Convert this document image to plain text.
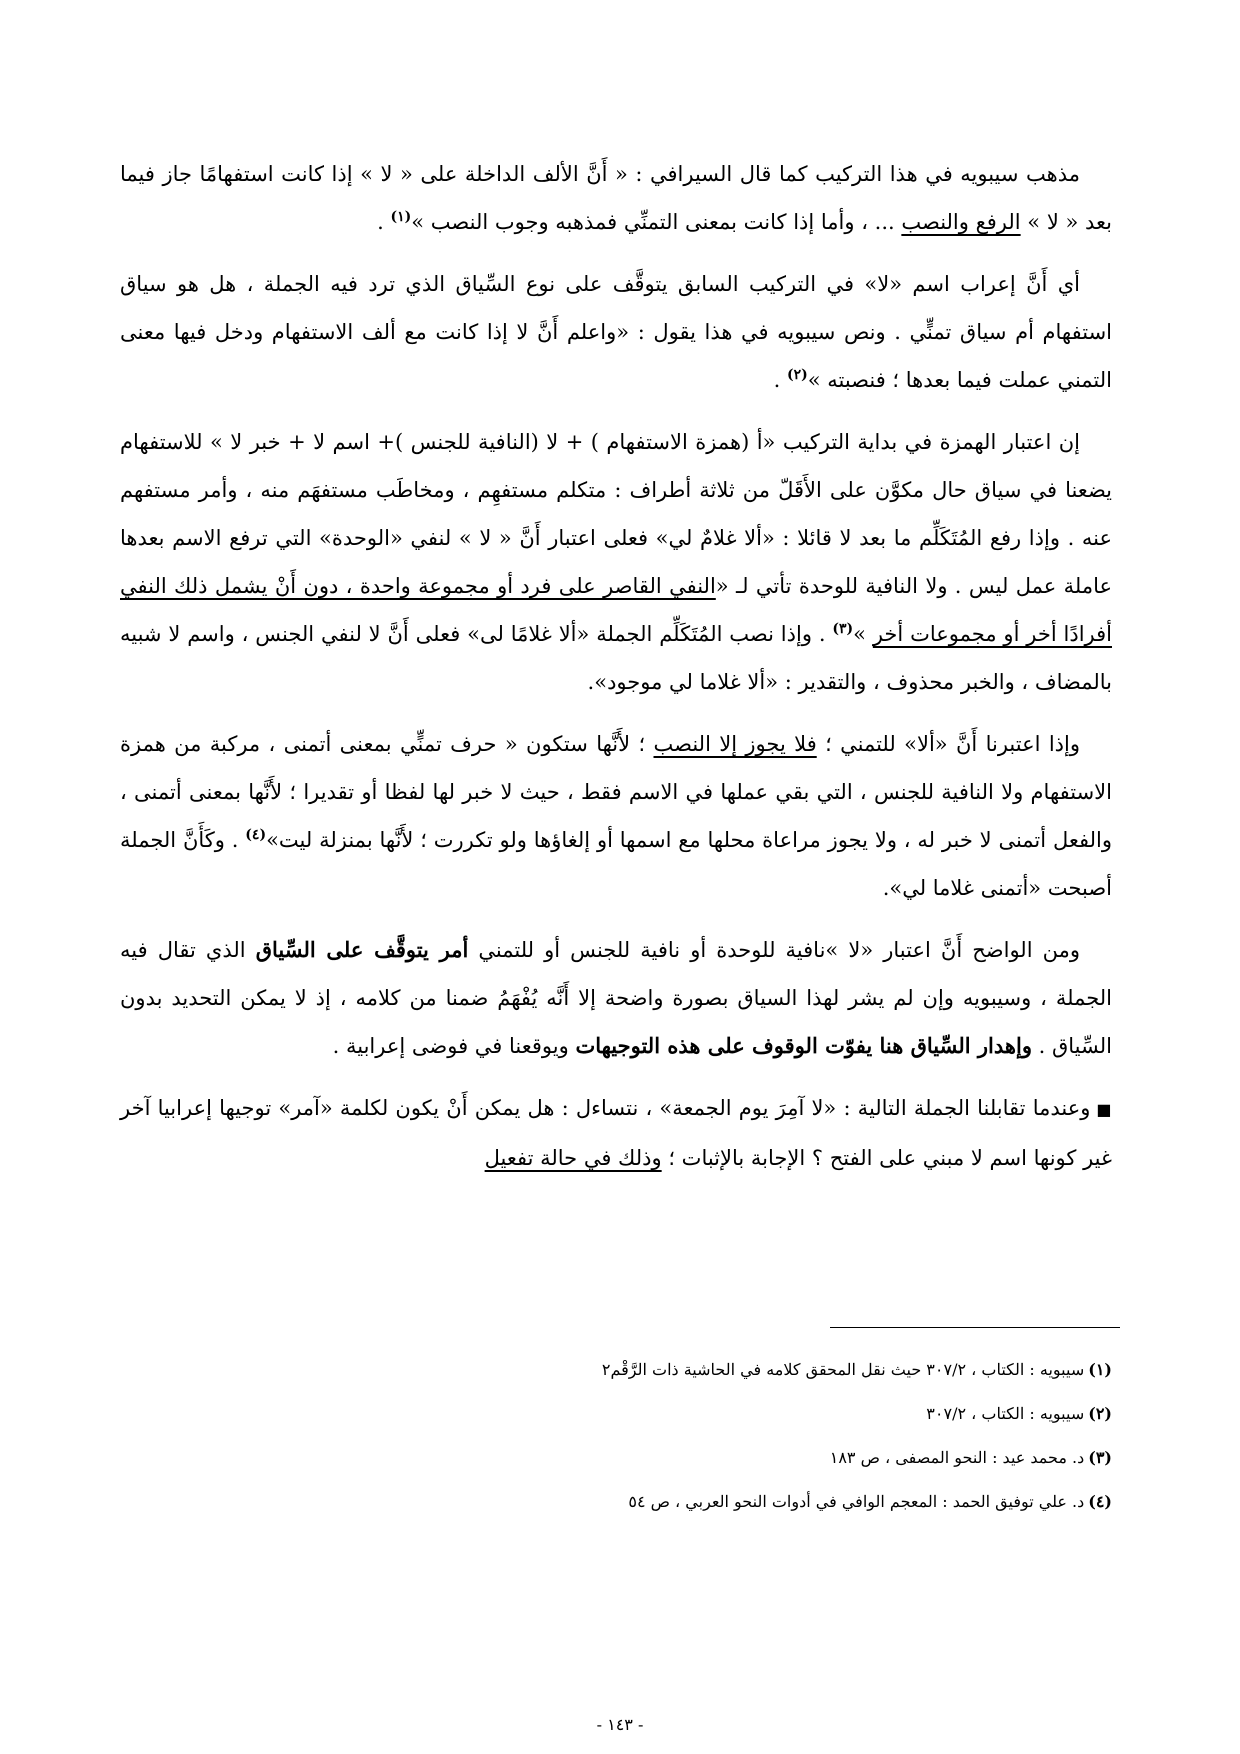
مذهب سيبويه في هذا التركيب كما قال السيرافي : « أَنَّ الألف الداخلة على « لا » إذا كانت استفهامًا جاز فيما بعد « لا » الرفع والنصب ... ، وأما إذا كانت بمعنى التمنِّي فمذهبه وجوب النصب »$^{(١)}$ .

أي أَنَّ إعراب اسم «لا» في التركيب السابق يتوقَّف على نوع السِّياق الذي ترد فيه الجملة ، هل هو سياق استفهام أم سياق تمنٍّي . ونص سيبويه في هذا يقول : «واعلم أَنَّ لا إذا كانت مع ألف الاستفهام ودخل فيها معنى التمني عملت فيما بعدها ؛ فنصبته »$^{(٢)}$ .

إن اعتبار الهمزة في بداية التركيب «أ (همزة الاستفهام ) + لا (النافية للجنس )+ اسم لا + خبر لا » للاستفهام يضعنا في سياق حال مكوَّن على الأَقَلّ من ثلاثة أطراف : متكلم مستفهِم ، ومخاطَب مستفهَم منه ، وأمر مستفهم عنه . وإذا رفع المُتَكَلِّم ما بعد لا قائلا : «ألا غلامٌ لي» فعلى اعتبار أَنَّ « لا » لنفي «الوحدة» التي ترفع الاسم بعدها عاملة عمل ليس . ولا النافية للوحدة تأتي لـ «النفي القاصر على فرد أو مجموعة واحدة ، دون أَنْ يشمل ذلك النفي أفرادًا أخر أو مجموعات أخر »$^{(٣)}$ . وإذا نصب المُتَكَلِّم الجملة «ألا غلامًا لى» فعلى أَنَّ لا لنفي الجنس ، واسم لا شبيه بالمضاف ، والخبر محذوف ، والتقدير : «ألا غلاما لي موجود».

وإذا اعتبرنا أَنَّ «ألا» للتمني ؛ فلا يجوز إلا النصب ؛ لأَنَّها ستكون « حرف تمنٍّي بمعنى أتمنى ، مركبة من همزة الاستفهام ولا النافية للجنس ، التي بقي عملها في الاسم فقط ، حيث لا خبر لها لفظا أو تقديرا ؛ لأَنَّها بمعنى أتمنى ، والفعل أتمنى لا خبر له ، ولا يجوز مراعاة محلها مع اسمها أو إلغاؤها ولو تكررت ؛ لأَنَّها بمنزلة ليت»$^{(٤)}$ . وكَأَنَّ الجملة أصبحت «أتمنى غلاما لي».

ومن الواضح أَنَّ اعتبار «لا »نافية للوحدة أو نافية للجنس أو للتمني أمر يتوقَّف على السِّياق الذي تقال فيه الجملة ، وسيبويه وإن لم يشر لهذا السياق بصورة واضحة إلا أَنَّه يُفْهَمُ ضمنا من كلامه ، إذ لا يمكن التحديد بدون السِّياق . وإهدار السِّياق هنا يفوّت الوقوف على هذه التوجيهات ويوقعنا في فوضى إعرابية .

■وعندما تقابلنا الجملة التالية : «لا آمِرَ يوم الجمعة» ، نتساءل : هل يمكن أَنْ يكون لكلمة «آمر» توجيها إعرابيا آخر غير كونها اسم لا مبني على الفتح ؟ الإجابة بالإثبات ؛ وذلك في حالة تفعيل

(١)سيبويه : الكتاب ، ٣٠٧/٢ حيث نقل المحقق كلامه في الحاشية ذات الرَّقْم٢
(٢)سيبويه : الكتاب ، ٣٠٧/٢
(٣)د. محمد عيد : النحو المصفى ، ص ١٨٣
(٤)د. علي توفيق الحمد : المعجم الوافي في أدوات النحو العربي ، ص ٥٤
- ١٤٣ -
